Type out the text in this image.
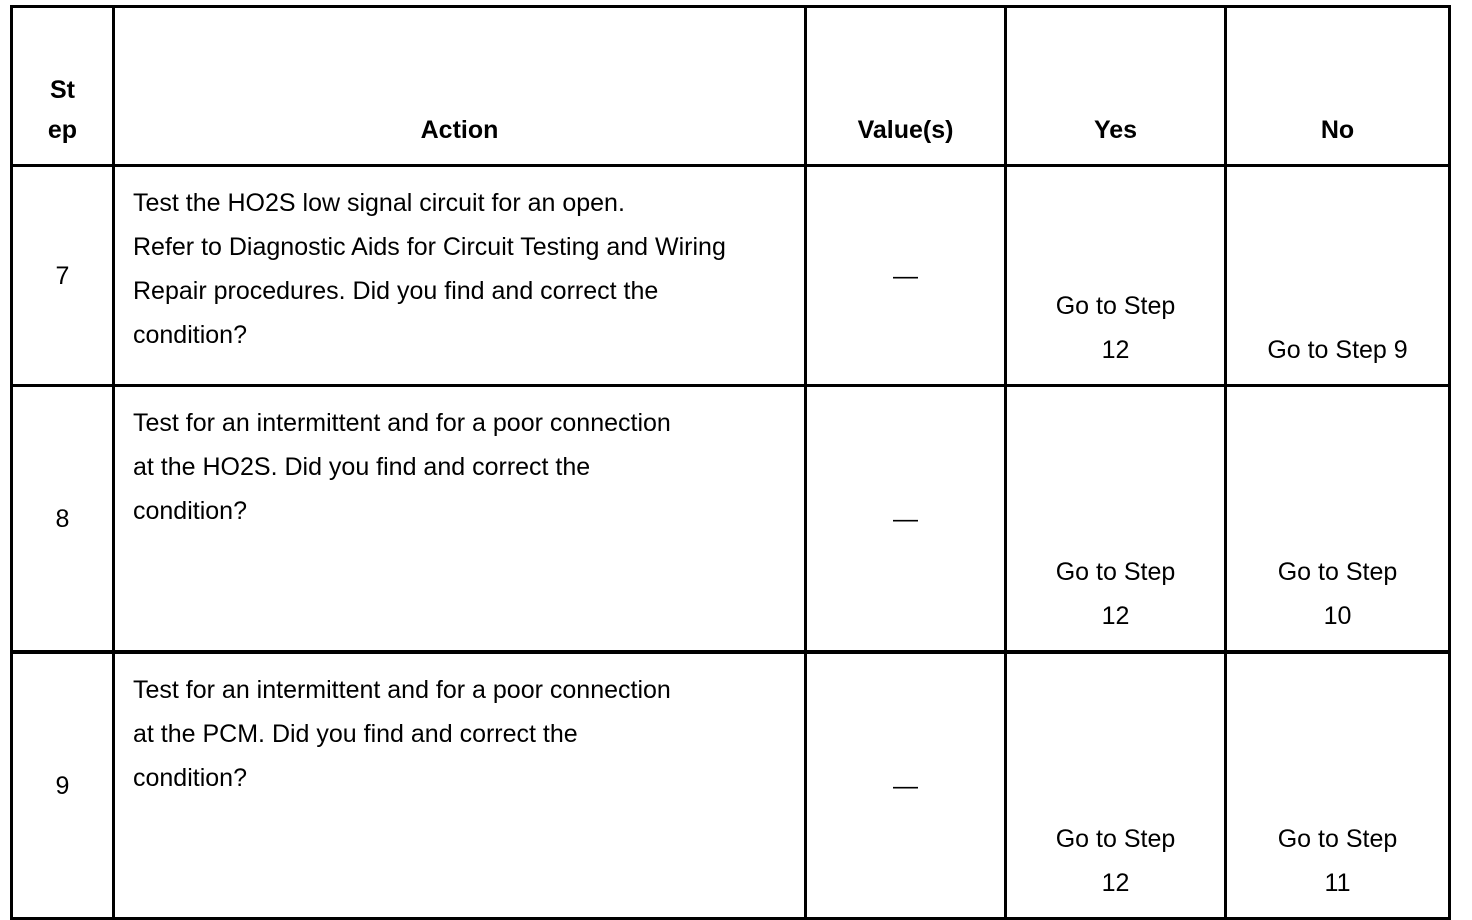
St
ep	Action	Value(s)	Yes	No
7	Test the HO2S low signal circuit for an open.
Refer to Diagnostic Aids for Circuit Testing and Wiring
Repair procedures. Did you find and correct the
condition?	—	Go to Step
12	Go to Step 9

8	Test for an intermittent and for a poor connection
at the HO2S. Did you find and correct the
condition?	—	Go to Step
12	Go to Step
10

9	Test for an intermittent and for a poor connection
at the PCM. Did you find and correct the
condition?	—	Go to Step
12	Go to Step
11
